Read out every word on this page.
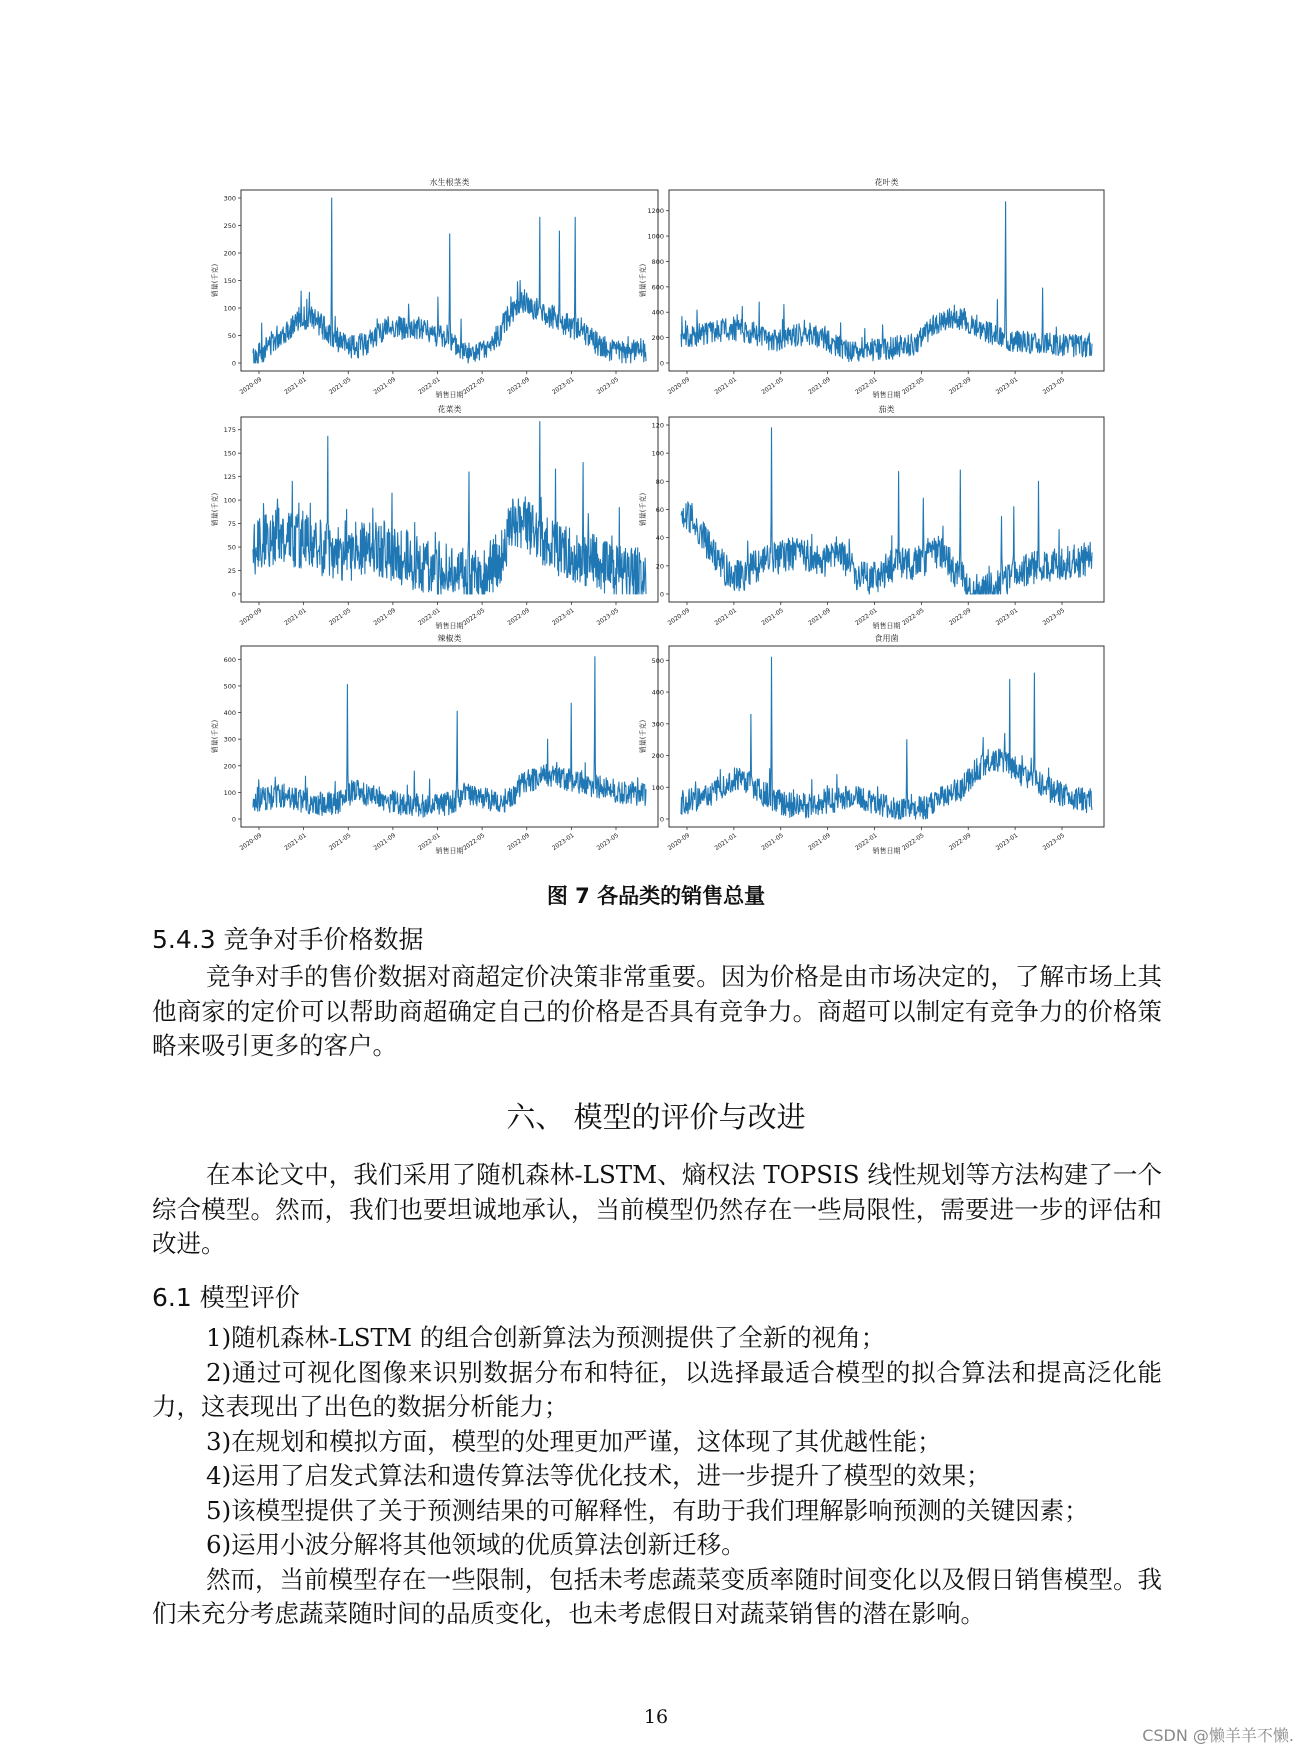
水生根茎类
销量(千克)
销售日期
0
50
100
150
200
250
300
2020-09	2021-01	2021-05	2021-09	2022-01	2022-05	2022-09	2023-01	2023-05
花叶类
销量(千克)
销售日期
0
200
400
600
800
1000
1200
2020-09	2021-01	2021-05	2021-09	2022-01	2022-05	2022-09	2023-01	2023-05
花菜类
销量(千克)
销售日期
0
25
50
75
100
125
150
175
2020-09	2021-01	2021-05	2021-09	2022-01	2022-05	2022-09	2023-01	2023-05
茄类
销量(千克)
销售日期
0
20
40
60
80
100
120
2020-09	2021-01	2021-05	2021-09	2022-01	2022-05	2022-09	2023-01	2023-05
辣椒类
销量(千克)
销售日期
0
100
200
300
400
500
600
2020-09	2021-01	2021-05	2021-09	2022-01	2022-05	2022-09	2023-01	2023-05
食用菌
销量(千克)
销售日期
0
100
200
300
400
500
2020-09	2021-01	2021-05	2021-09	2022-01	2022-05	2022-09	2023-01	2023-05
图 7 各品类的销售总量
5.4.3 竞争对手价格数据
竞争对手的售价数据对商超定价决策非常重要。因为价格是由市场决定的，了解市场上其他商家的定价可以帮助商超确定自己的价格是否具有竞争力。商超可以制定有竞争力的价格策略来吸引更多的客户。
六、 模型的评价与改进
在本论文中，我们采用了随机森林-LSTM、熵权法 TOPSIS 线性规划等方法构建了一个综合模型。然而，我们也要坦诚地承认，当前模型仍然存在一些局限性，需要进一步的评估和改进。
6.1 模型评价
1)随机森林-LSTM 的组合创新算法为预测提供了全新的视角；
2)通过可视化图像来识别数据分布和特征，以选择最适合模型的拟合算法和提高泛化能力，这表现出了出色的数据分析能力；
3)在规划和模拟方面，模型的处理更加严谨，这体现了其优越性能；
4)运用了启发式算法和遗传算法等优化技术，进一步提升了模型的效果；
5)该模型提供了关于预测结果的可解释性，有助于我们理解影响预测的关键因素；
6)运用小波分解将其他领域的优质算法创新迁移。
然而，当前模型存在一些限制，包括未考虑蔬菜变质率随时间变化以及假日销售模型。我们未充分考虑蔬菜随时间的品质变化，也未考虑假日对蔬菜销售的潜在影响。
16
CSDN @懒羊羊不懒.
